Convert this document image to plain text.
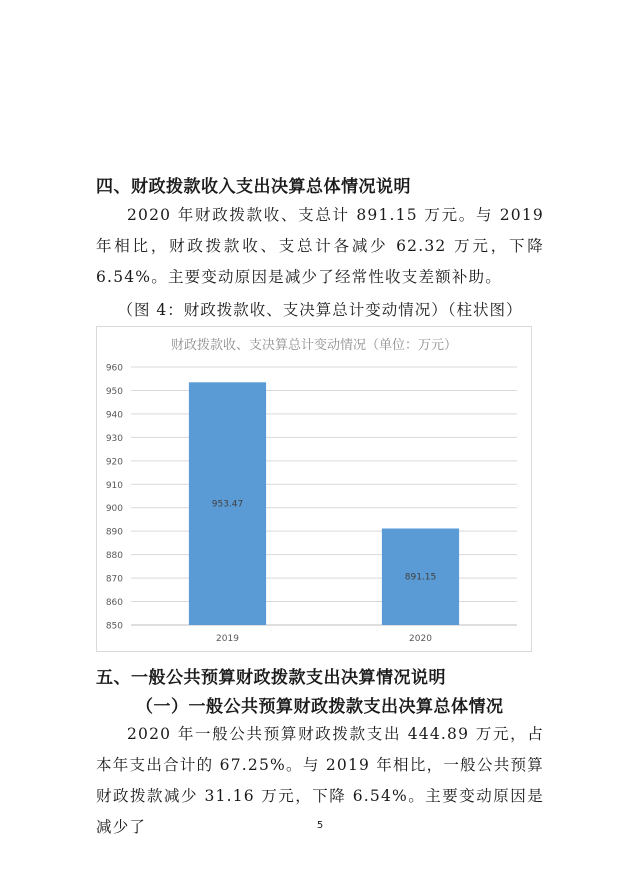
四、财政拨款收入支出决算总体情况说明

2020 年财政拨款收、支总计 891.15 万元。与 2019 年相比，财政拨款收、支总计各减少 62.32 万元，下降 6.54%。主要变动原因是减少了经常性收支差额补助。

（图 4：财政拨款收、支决算总计变动情况）（柱状图）
财政拨款收、支决算总计变动情况（单位：万元）
850
860
870
880
890
900
910
920
930
940
950
960
953.47
891.15
2019	2020
五、一般公共预算财政拨款支出决算情况说明
（一）一般公共预算财政拨款支出决算总体情况

2020 年一般公共预算财政拨款支出 444.89 万元，占本年支出合计的 67.25%。与 2019 年相比，一般公共预算财政拨款减少 31.16 万元，下降 6.54%。主要变动原因是减少了	5
